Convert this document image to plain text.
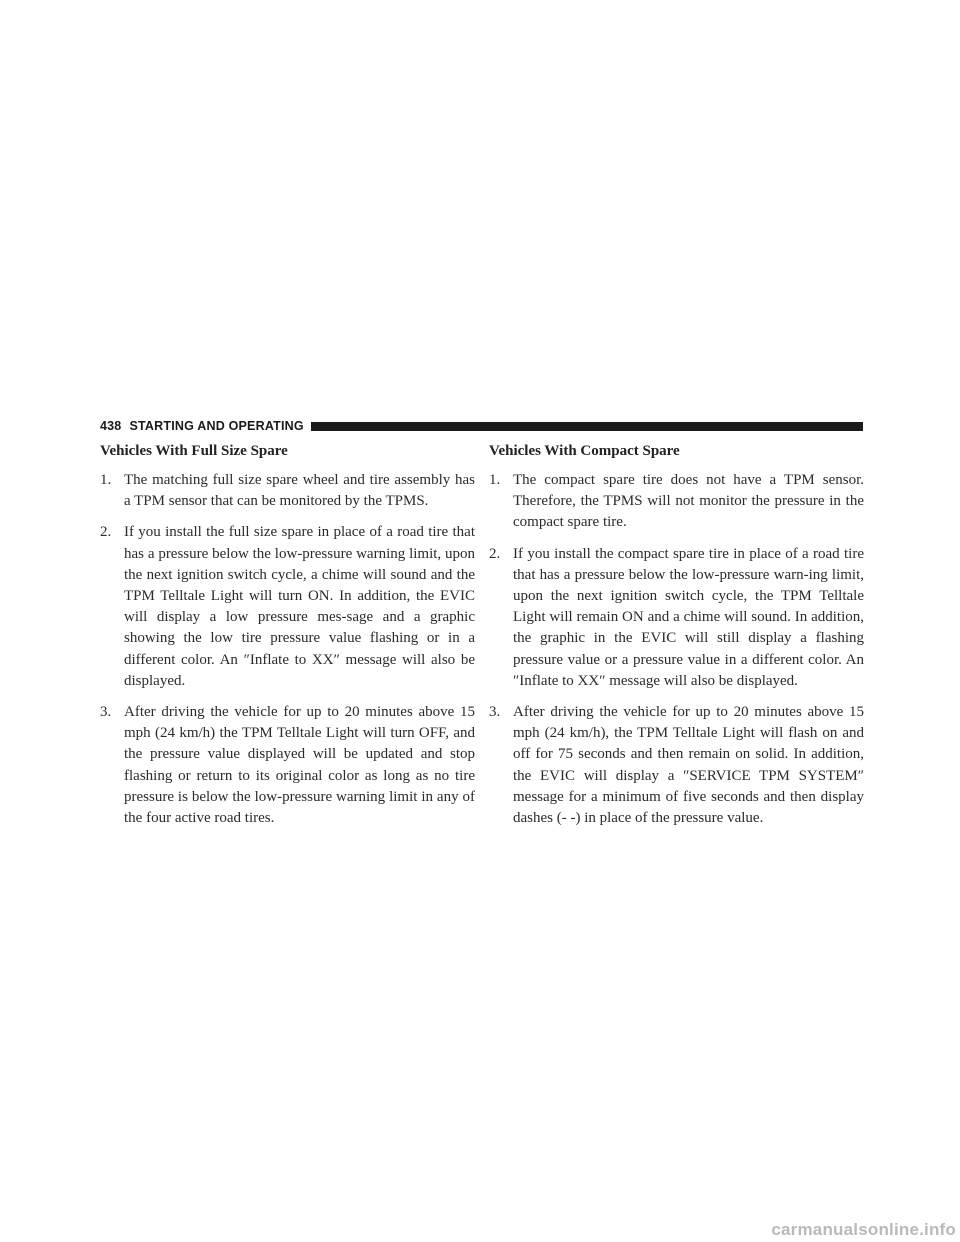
438 STARTING AND OPERATING
Vehicles With Full Size Spare
1. The matching full size spare wheel and tire assembly has a TPM sensor that can be monitored by the TPMS.
2. If you install the full size spare in place of a road tire that has a pressure below the low-pressure warning limit, upon the next ignition switch cycle, a chime will sound and the TPM Telltale Light will turn ON. In addition, the EVIC will display a low pressure mes-sage and a graphic showing the low tire pressure value flashing or in a different color. An ″Inflate to XX″ message will also be displayed.
3. After driving the vehicle for up to 20 minutes above 15 mph (24 km/h) the TPM Telltale Light will turn OFF, and the pressure value displayed will be updated and stop flashing or return to its original color as long as no tire pressure is below the low-pressure warning limit in any of the four active road tires.
Vehicles With Compact Spare
1. The compact spare tire does not have a TPM sensor. Therefore, the TPMS will not monitor the pressure in the compact spare tire.
2. If you install the compact spare tire in place of a road tire that has a pressure below the low-pressure warn-ing limit, upon the next ignition switch cycle, the TPM Telltale Light will remain ON and a chime will sound. In addition, the graphic in the EVIC will still display a flashing pressure value or a pressure value in a different color. An ″Inflate to XX″ message will also be displayed.
3. After driving the vehicle for up to 20 minutes above 15 mph (24 km/h), the TPM Telltale Light will flash on and off for 75 seconds and then remain on solid. In addition, the EVIC will display a ″SERVICE TPM SYSTEM″ message for a minimum of five seconds and then display dashes (- -) in place of the pressure value.
carmanualsonline.info
